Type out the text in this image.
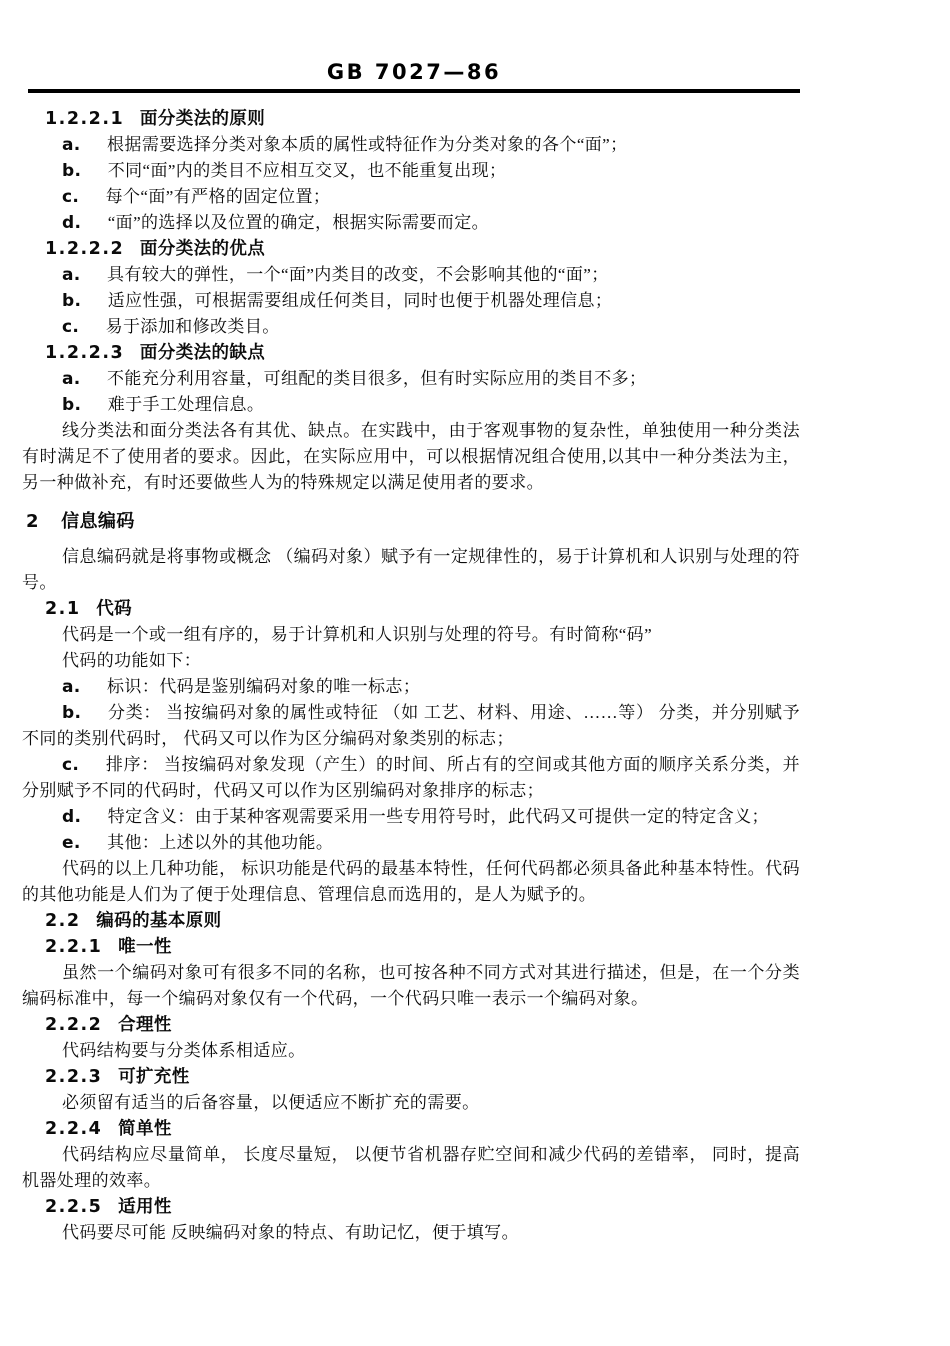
GB 7027—86
1.2.2.1 面分类法的原则
a. 根据需要选择分类对象本质的属性或特征作为分类对象的各个“面”；
b. 不同“面”内的类目不应相互交叉，也不能重复出现；
c. 每个“面”有严格的固定位置；
d. “面”的选择以及位置的确定，根据实际需要而定。
1.2.2.2 面分类法的优点
a. 具有较大的弹性，一个“面”内类目的改变，不会影响其他的“面”；
b. 适应性强，可根据需要组成任何类目，同时也便于机器处理信息；
c. 易于添加和修改类目。
1.2.2.3 面分类法的缺点
a. 不能充分利用容量，可组配的类目很多，但有时实际应用的类目不多；
b. 难于手工处理信息。
线分类法和面分类法各有其优、缺点。在实践中，由于客观事物的复杂性，单独使用一种分类法有时满足不了使用者的要求。因此，在实际应用中，可以根据情况组合使用,以其中一种分类法为主，另一种做补充，有时还要做些人为的特殊规定以满足使用者的要求。
2 信息编码
信息编码就是将事物或概念 （编码对象）赋予有一定规律性的，易于计算机和人识别与处理的符号。
2.1 代码
代码是一个或一组有序的，易于计算机和人识别与处理的符号。有时简称“码”
代码的功能如下：
a. 标识：代码是鉴别编码对象的唯一标志；
b. 分类： 当按编码对象的属性或特征 （如 工艺、材料、用途、……等） 分类，并分别赋予不同的类别代码时， 代码又可以作为区分编码对象类别的标志；
c. 排序： 当按编码对象发现（产生）的时间、所占有的空间或其他方面的顺序关系分类，并分别赋予不同的代码时，代码又可以作为区别编码对象排序的标志；
d. 特定含义：由于某种客观需要采用一些专用符号时，此代码又可提供一定的特定含义；
e. 其他：上述以外的其他功能。
代码的以上几种功能， 标识功能是代码的最基本特性，任何代码都必须具备此种基本特性。代码的其他功能是人们为了便于处理信息、管理信息而选用的，是人为赋予的。
2.2 编码的基本原则
2.2.1 唯一性
虽然一个编码对象可有很多不同的名称，也可按各种不同方式对其进行描述，但是，在一个分类编码标准中，每一个编码对象仅有一个代码，一个代码只唯一表示一个编码对象。
2.2.2 合理性
代码结构要与分类体系相适应。
2.2.3 可扩充性
必须留有适当的后备容量，以便适应不断扩充的需要。
2.2.4 简单性
代码结构应尽量简单， 长度尽量短， 以便节省机器存贮空间和减少代码的差错率， 同时，提高机器处理的效率。
2.2.5 适用性
代码要尽可能 反映编码对象的特点、有助记忆，便于填写。
